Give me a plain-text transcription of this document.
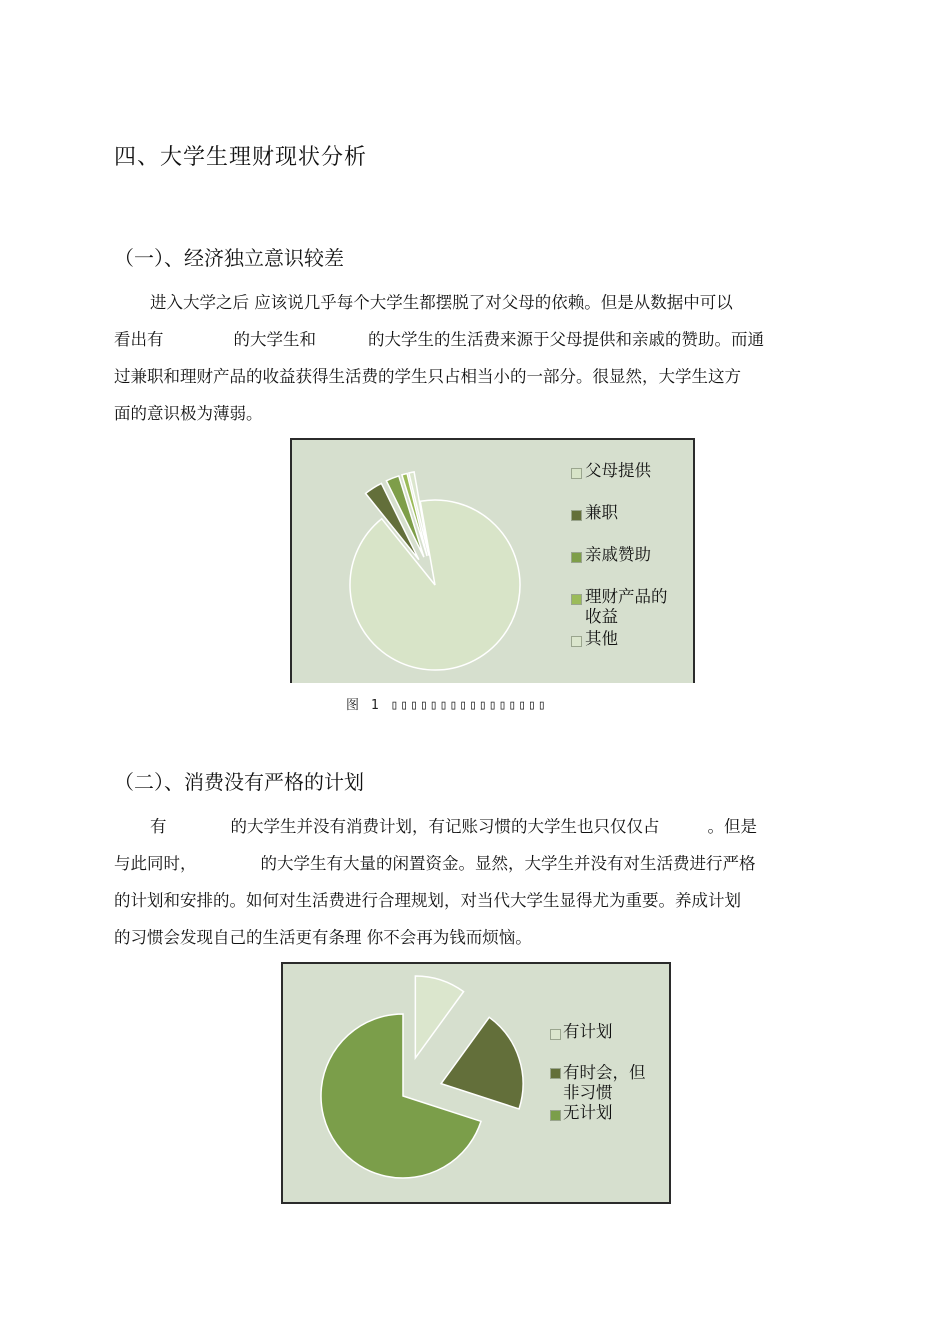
四、大学生理财现状分析
（一）、经济独立意识较差
进入大学之后 应该说几乎每个大学生都摆脱了对父母的依赖。但是从数据中可以
看出有	的大学生和	的大学生的生活费来源于父母提供和亲戚的赞助。而通
过兼职和理财产品的收益获得生活费的学生只占相当小的一部分。很显然，大学生这方
面的意识极为薄弱。
父母提供
兼职
亲戚赞助
理财产品的
收益
其他
图 1 ▯▯▯▯▯▯▯▯▯▯▯▯▯▯▯▯
（二）、消费没有严格的计划
有	的大学生并没有消费计划，有记账习惯的大学生也只仅仅占	。但是
与此同时，	的大学生有大量的闲置资金。显然，大学生并没有对生活费进行严格
的计划和安排的。如何对生活费进行合理规划，对当代大学生显得尤为重要。养成计划
的习惯会发现自己的生活更有条理 你不会再为钱而烦恼。
有计划
有时会，但
非习惯
无计划
